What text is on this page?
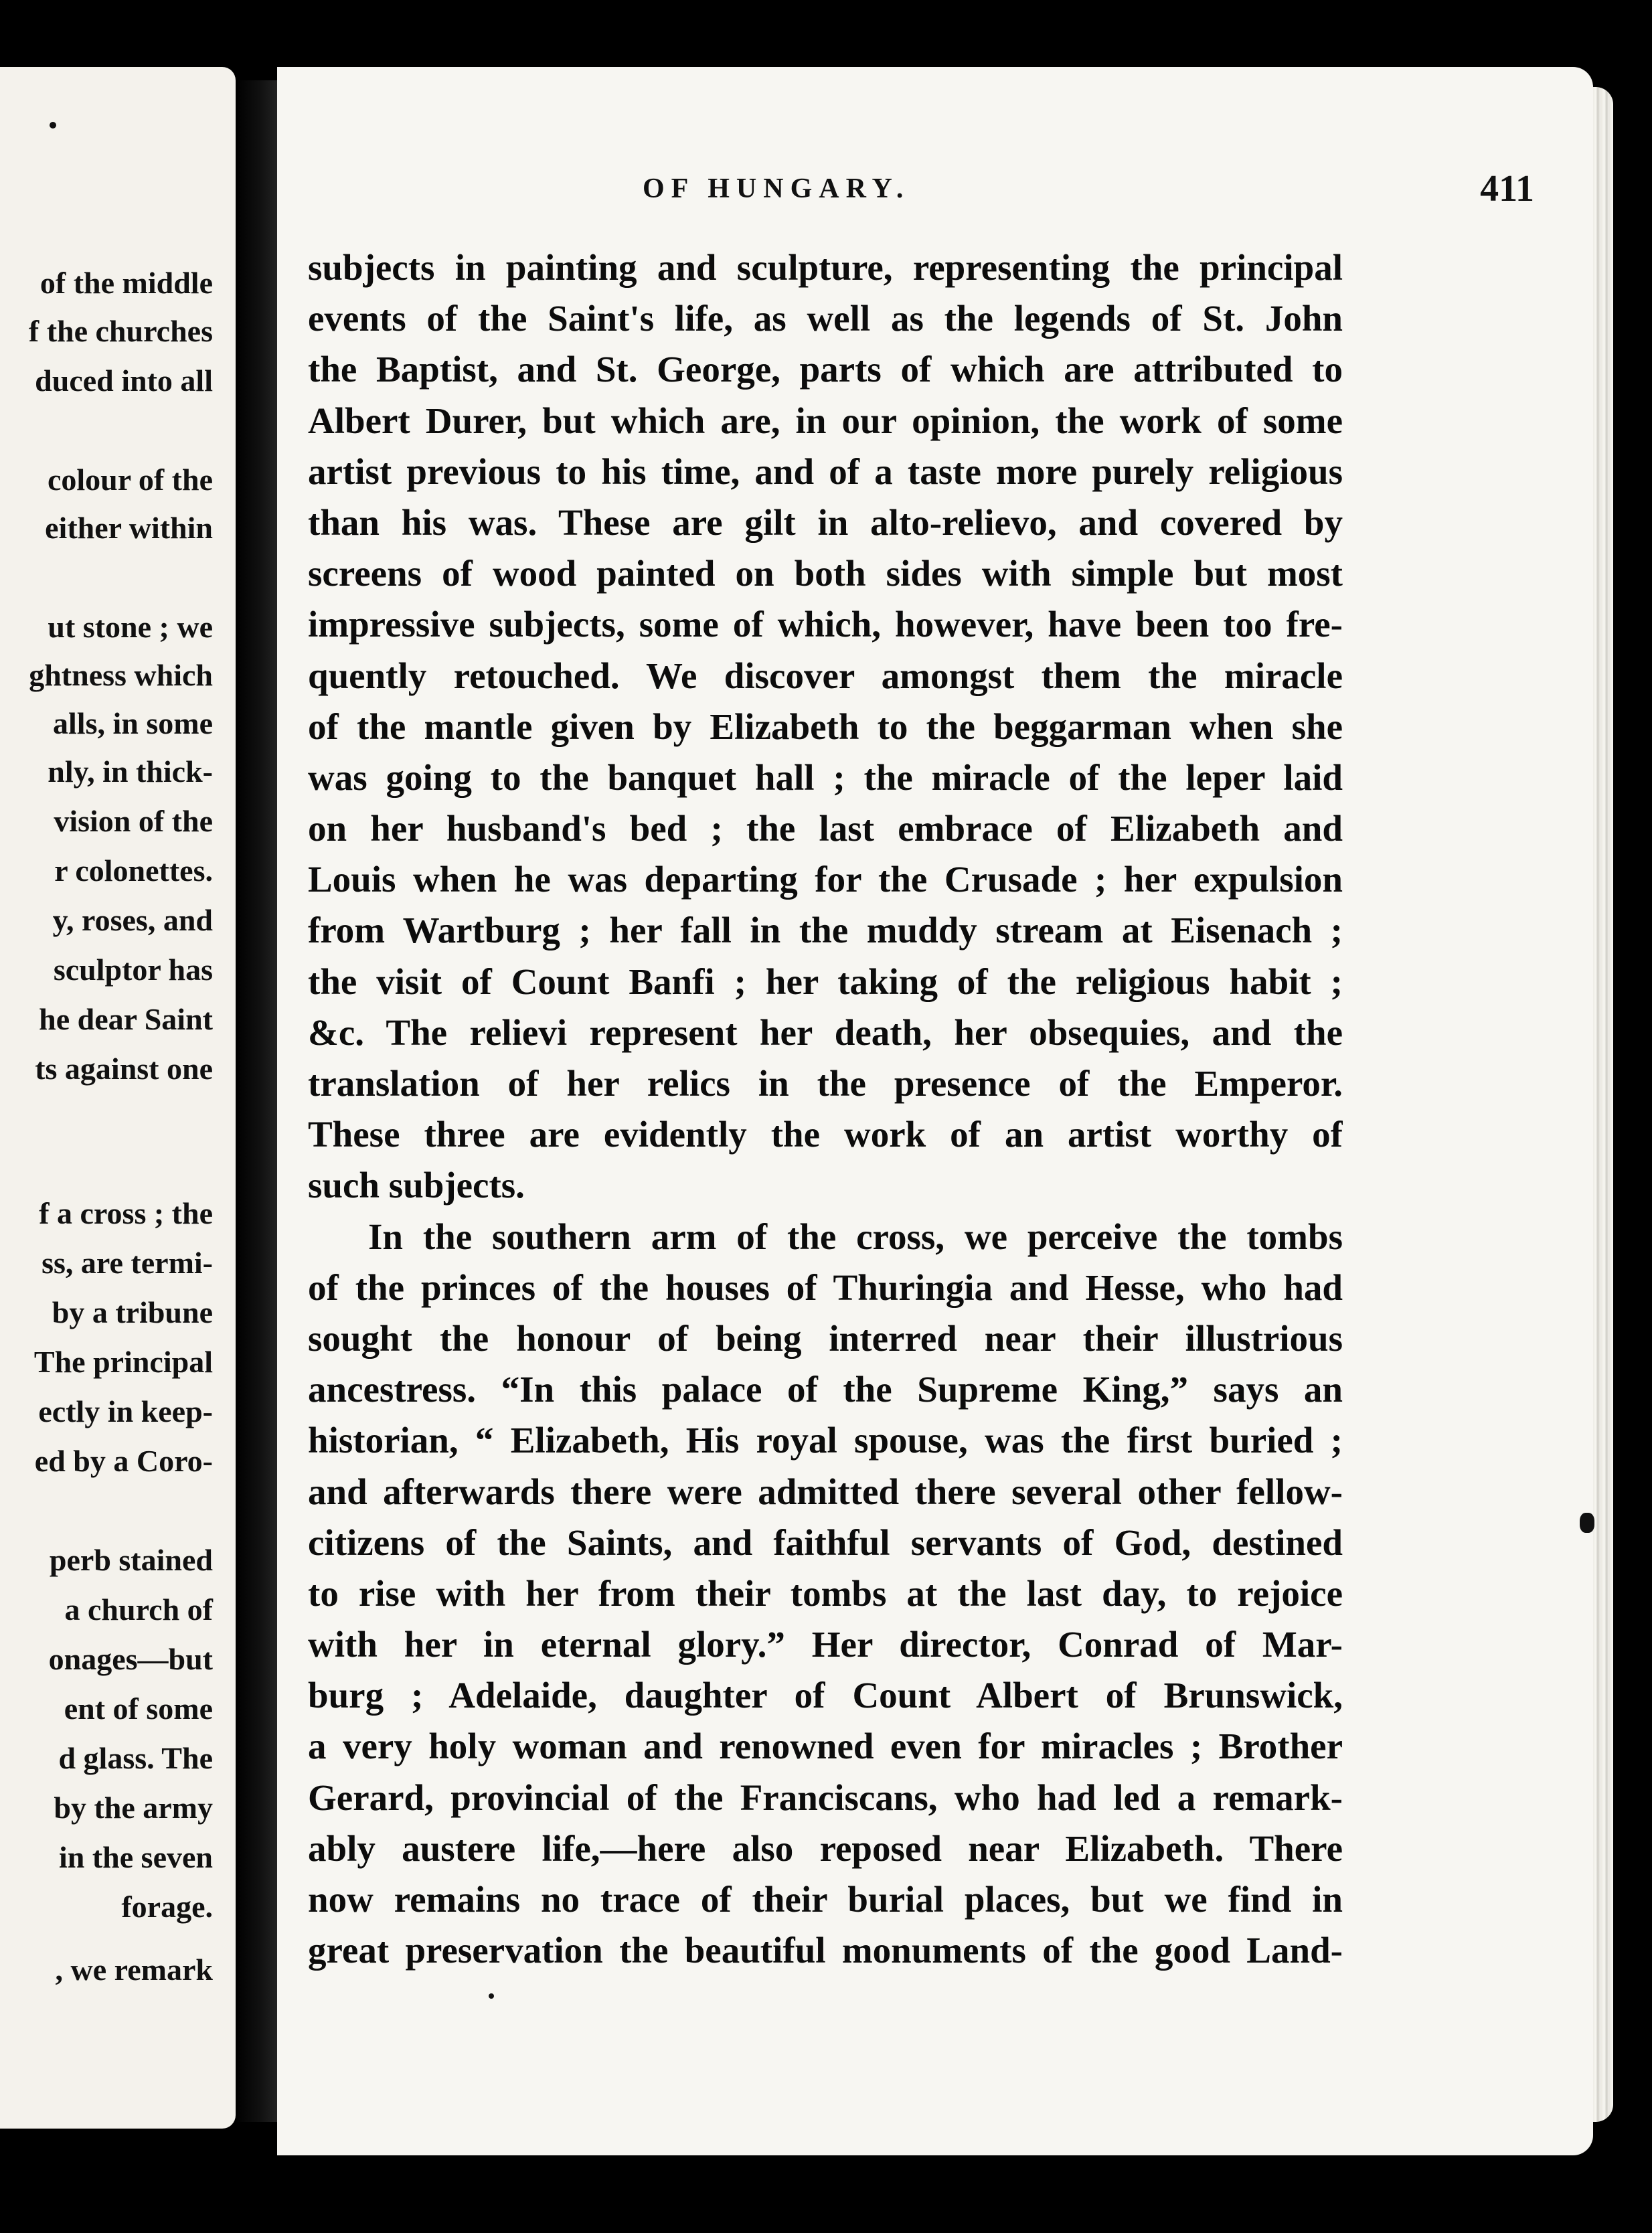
of the middle
f the churches
duced into all
colour of the
either within
ut stone ; we
ghtness which
alls, in some
nly, in thick-
vision of the
r colonettes.
y, roses, and
sculptor has
he dear Saint
ts against one
f a cross ; the
ss, are termi-
by a tribune
The principal
ectly in keep-
ed by a Coro-
perb stained
a church of
onages—but
ent of some
d glass. The
by the army
in the seven
forage.
, we remark
OF HUNGARY.	411
subjects in painting and sculpture, representing the principal
events of the Saint's life, as well as the legends of St. John
the Baptist, and St. George, parts of which are attributed to
Albert Durer, but which are, in our opinion, the work of some
artist previous to his time, and of a taste more purely religious
than his was. These are gilt in alto-relievo, and covered by
screens of wood painted on both sides with simple but most
impressive subjects, some of which, however, have been too fre-
quently retouched. We discover amongst them the miracle
of the mantle given by Elizabeth to the beggarman when she
was going to the banquet hall ; the miracle of the leper laid
on her husband's bed ; the last embrace of Elizabeth and
Louis when he was departing for the Crusade ; her expulsion
from Wartburg ; her fall in the muddy stream at Eisenach ;
the visit of Count Banfi ; her taking of the religious habit ;
&c. The relievi represent her death, her obsequies, and the
translation of her relics in the presence of the Emperor.
These three are evidently the work of an artist worthy of
such subjects.
In the southern arm of the cross, we perceive the tombs
of the princes of the houses of Thuringia and Hesse, who had
sought the honour of being interred near their illustrious
ancestress. “In this palace of the Supreme King,” says an
historian, “ Elizabeth, His royal spouse, was the first buried ;
and afterwards there were admitted there several other fellow-
citizens of the Saints, and faithful servants of God, destined
to rise with her from their tombs at the last day, to rejoice
with her in eternal glory.” Her director, Conrad of Mar-
burg ; Adelaide, daughter of Count Albert of Brunswick,
a very holy woman and renowned even for miracles ; Brother
Gerard, provincial of the Franciscans, who had led a remark-
ably austere life,—here also reposed near Elizabeth. There
now remains no trace of their burial places, but we find in
great preservation the beautiful monuments of the good Land-
